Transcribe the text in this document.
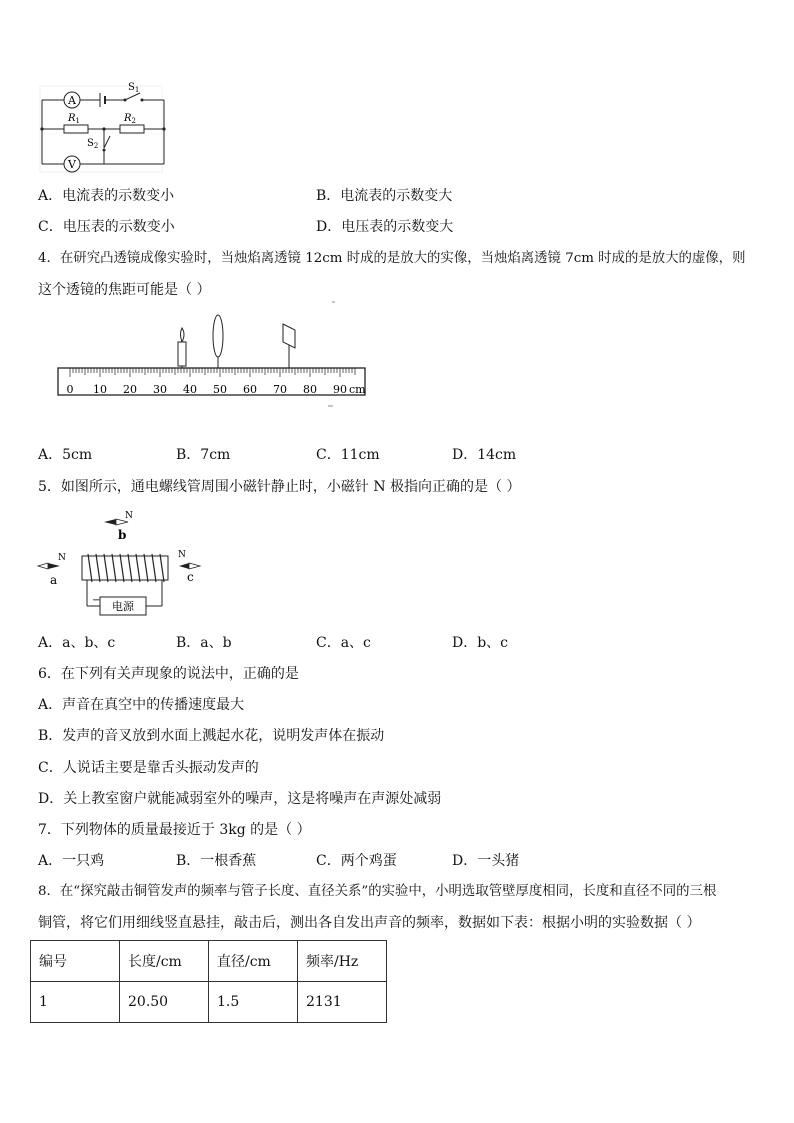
A
$S_1$
$R_1$	$R_2$
$S_2$
V
A．电流表的示数变小	B．电流表的示数变大
C．电压表的示数变小	D．电压表的示数变大
4．在研究凸透镜成像实验时，当烛焰离透镜 12cm 时成的是放大的实像，当烛焰离透镜 7cm 时成的是放大的虚像，则
这个透镜的焦距可能是（ ）
0 10 20 30 40 50 60 70 80 90 cm
A．5cm	B．7cm	C．11cm	D．14cm
5．如图所示，通电螺线管周围小磁针静止时，小磁针 N 极指向正确的是（ ）
N
b
N
a
N
c
− 电源
A．a、b、c	B．a、b	C．a、c	D．b、c
6．在下列有关声现象的说法中，正确的是
A．声音在真空中的传播速度最大
B．发声的音叉放到水面上溅起水花，说明发声体在振动
C．人说话主要是靠舌头振动发声的
D．关上教室窗户就能减弱室外的噪声，这是将噪声在声源处减弱
7．下列物体的质量最接近于 3kg 的是（ ）
A．一只鸡	B．一根香蕉	C．两个鸡蛋	D．一头猪
8．在“探究敲击铜管发声的频率与管子长度、直径关系”的实验中，小明选取管壁厚度相同，长度和直径不同的三根
铜管，将它们用细线竖直悬挂，敲击后，测出各自发出声音的频率，数据如下表：根据小明的实验数据（ ）
编号	长度/cm	直径/cm	频率/Hz
1	20.50	1.5	2131
